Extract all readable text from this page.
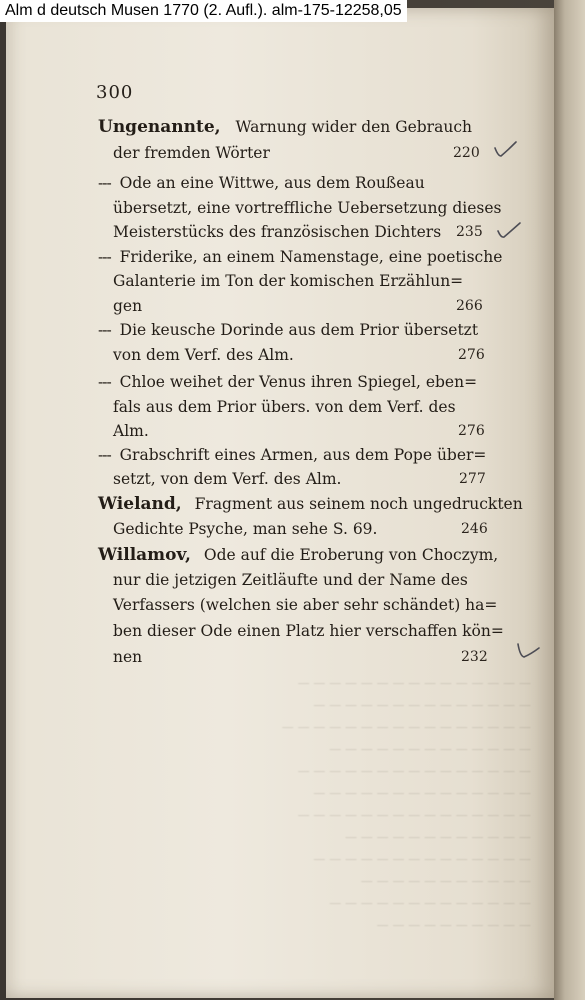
— — — — — — — — — — — — — — —
— — — — — — — — — — — — — —
— — — — — — — — — — — — — — — —
— — — — — — — — — — — — —
— — — — — — — — — — — — — — —
— — — — — — — — — — — — — —
— — — — — — — — — — — — — — —
— — — — — — — — — — — —
— — — — — — — — — — — — — —
— — — — — — — — — — —
— — — — — — — — — — — — —
— — — — — — — — — —
Alm d deutsch Musen 1770 (2. Aufl.). alm-175-12258,05
300
Ungenannte, Warnung wider den Gebrauch
der fremden Wörter	220
--- Ode an eine Wittwe, aus dem Roußeau
übersetzt, eine vortreffliche Uebersetzung dieses
Meisterstücks des französischen Dichters 235
--- Friderike, an einem Namenstage, eine poetische
Galanterie im Ton der komischen Erzählun=
gen	266
--- Die keusche Dorinde aus dem Prior übersetzt
von dem Verf. des Alm.	276
--- Chloe weihet der Venus ihren Spiegel, eben=
fals aus dem Prior übers. von dem Verf. des
Alm.	276
--- Grabschrift eines Armen, aus dem Pope über=
setzt, von dem Verf. des Alm.	277
Wieland, Fragment aus seinem noch ungedruckten
Gedichte Psyche, man sehe S. 69.	246
Willamov, Ode auf die Eroberung von Choczym,
nur die jetzigen Zeitläufte und der Name des
Verfassers (welchen sie aber sehr schändet) ha=
ben dieser Ode einen Platz hier verschaffen kön=
nen	232
